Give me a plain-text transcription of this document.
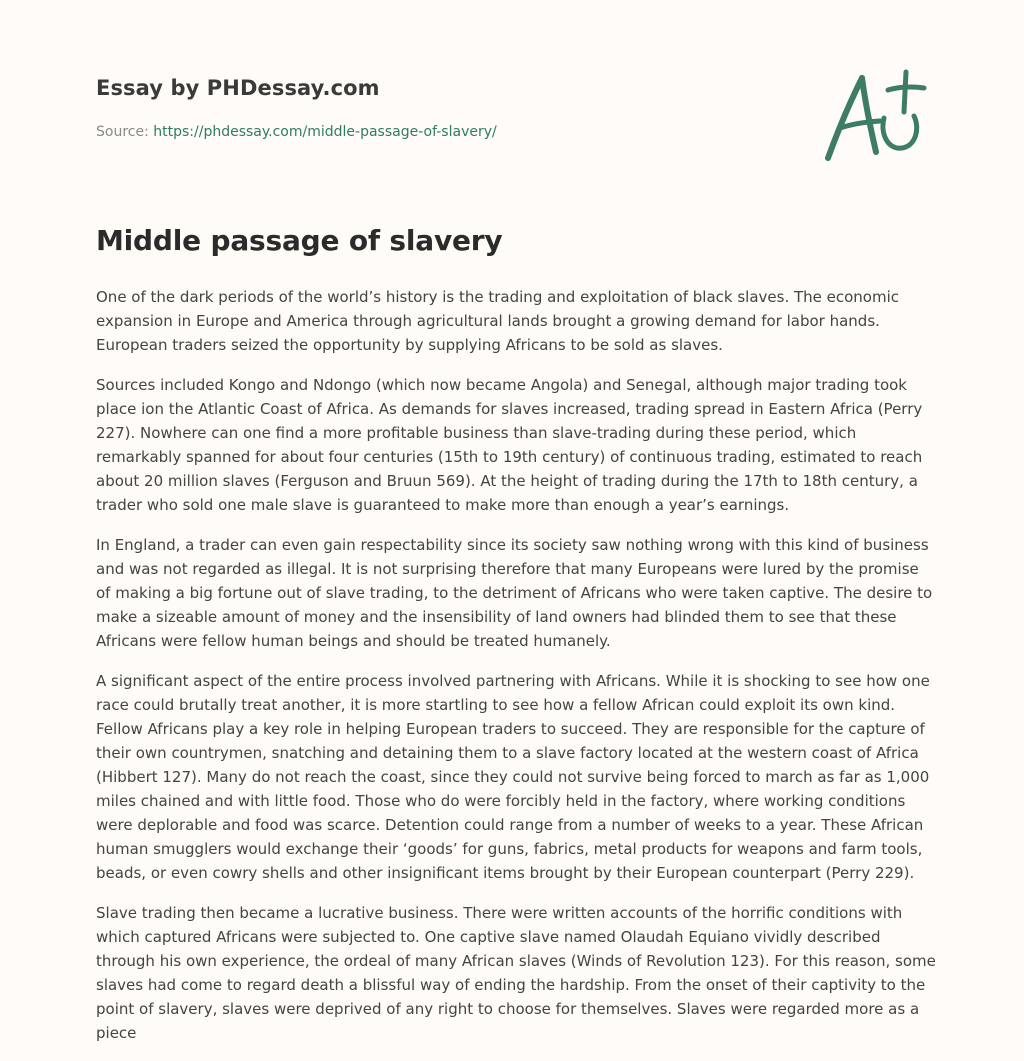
Essay by PHDessay.com
Source: https://phdessay.com/middle-passage-of-slavery/
Middle passage of slavery

One of the dark periods of the world’s history is the trading and exploitation of black slaves. The economic expansion in Europe and America through agricultural lands brought a growing demand for labor hands. European traders seized the opportunity by supplying Africans to be sold as slaves.

Sources included Kongo and Ndongo (which now became Angola) and Senegal, although major trading took place ion the Atlantic Coast of Africa. As demands for slaves increased, trading spread in Eastern Africa (Perry 227). Nowhere can one find a more profitable business than slave-trading during these period, which remarkably spanned for about four centuries (15th to 19th century) of continuous trading, estimated to reach about 20 million slaves (Ferguson and Bruun 569). At the height of trading during the 17th to 18th century, a trader who sold one male slave is guaranteed to make more than enough a year’s earnings.

In England, a trader can even gain respectability since its society saw nothing wrong with this kind of business and was not regarded as illegal. It is not surprising therefore that many Europeans were lured by the promise of making a big fortune out of slave trading, to the detriment of Africans who were taken captive. The desire to make a sizeable amount of money and the insensibility of land owners had blinded them to see that these Africans were fellow human beings and should be treated humanely.

A significant aspect of the entire process involved partnering with Africans. While it is shocking to see how one race could brutally treat another, it is more startling to see how a fellow African could exploit its own kind. Fellow Africans play a key role in helping European traders to succeed. They are responsible for the capture of their own countrymen, snatching and detaining them to a slave factory located at the western coast of Africa (Hibbert 127). Many do not reach the coast, since they could not survive being forced to march as far as 1,000 miles chained and with little food. Those who do were forcibly held in the factory, where working conditions were deplorable and food was scarce. Detention could range from a number of weeks to a year. These African human smugglers would exchange their ‘goods’ for guns, fabrics, metal products for weapons and farm tools, beads, or even cowry shells and other insignificant items brought by their European counterpart (Perry 229).

Slave trading then became a lucrative business. There were written accounts of the horrific conditions with which captured Africans were subjected to. One captive slave named Olaudah Equiano vividly described through his own experience, the ordeal of many African slaves (Winds of Revolution 123). For this reason, some slaves had come to regard death a blissful way of ending the hardship. From the onset of their captivity to the point of slavery, slaves were deprived of any right to choose for themselves. Slaves were regarded more as a piece
